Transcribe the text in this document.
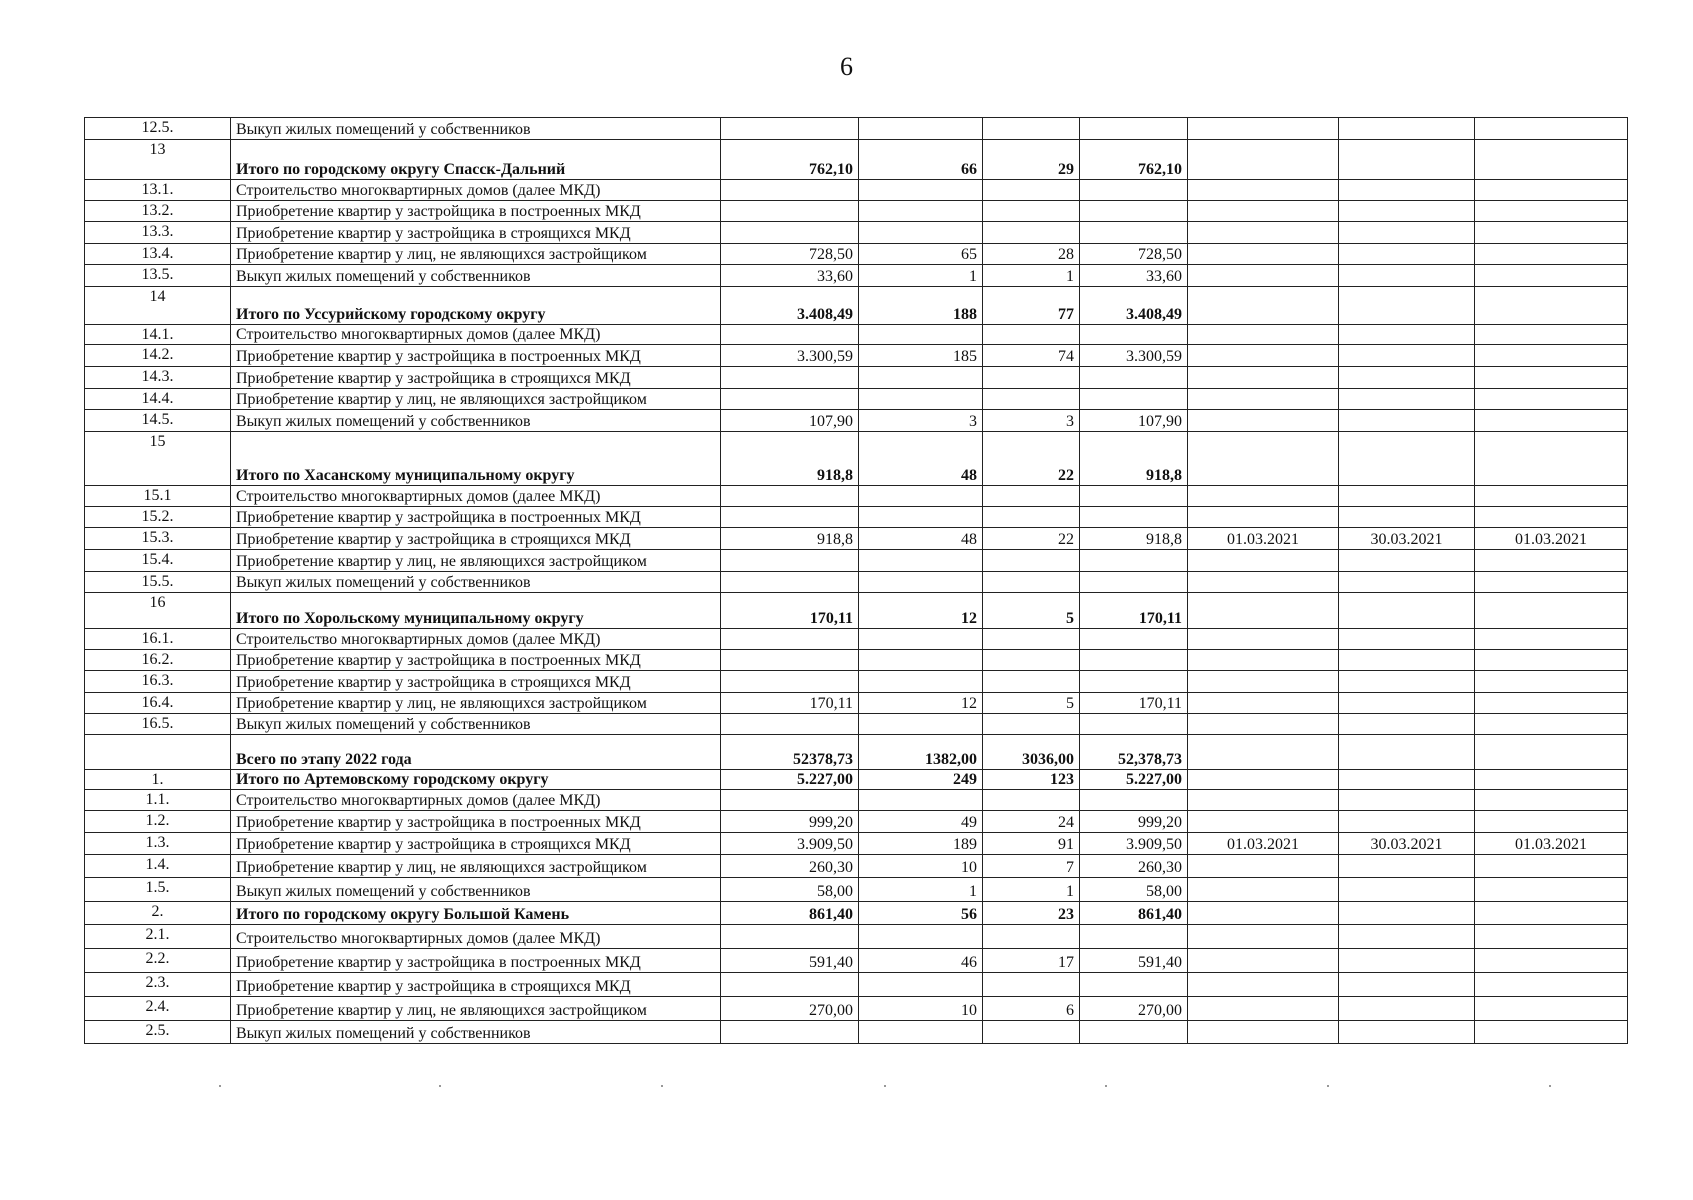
6
12.5.	Выкуп жилых помещений у собственников							
13	Итого по городскому округу Спасск-Дальний	762,10	66	29	762,10			
13.1.	Строительство многоквартирных домов (далее МКД)							
13.2.	Приобретение квартир у застройщика в построенных МКД							
13.3.	Приобретение квартир у застройщика в строящихся МКД							
13.4.	Приобретение квартир у лиц, не являющихся застройщиком	728,50	65	28	728,50			
13.5.	Выкуп жилых помещений у собственников	33,60	1	1	33,60			
14	Итого по Уссурийскому городскому округу	3.408,49	188	77	3.408,49			
14.1.	Строительство многоквартирных домов (далее МКД)							
14.2.	Приобретение квартир у застройщика в построенных МКД	3.300,59	185	74	3.300,59			
14.3.	Приобретение квартир у застройщика в строящихся МКД							
14.4.	Приобретение квартир у лиц, не являющихся застройщиком							
14.5.	Выкуп жилых помещений у собственников	107,90	3	3	107,90			
15	Итого по Хасанскому муниципальному округу	918,8	48	22	918,8			
15.1	Строительство многоквартирных домов (далее МКД)							
15.2.	Приобретение квартир у застройщика в построенных МКД							
15.3.	Приобретение квартир у застройщика в строящихся МКД	918,8	48	22	918,8	01.03.2021	30.03.2021	01.03.2021
15.4.	Приобретение квартир у лиц, не являющихся застройщиком							
15.5.	Выкуп жилых помещений у собственников							
16	Итого по Хорольскому муниципальному округу	170,11	12	5	170,11			
16.1.	Строительство многоквартирных домов (далее МКД)							
16.2.	Приобретение квартир у застройщика в построенных МКД							
16.3.	Приобретение квартир у застройщика в строящихся МКД							
16.4.	Приобретение квартир у лиц, не являющихся застройщиком	170,11	12	5	170,11			
16.5.	Выкуп жилых помещений у собственников							
	Всего по этапу 2022 года	52378,73	1382,00	3036,00	52,378,73			
1.	Итого по Артемовскому городскому округу	5.227,00	249	123	5.227,00			
1.1.	Строительство многоквартирных домов (далее МКД)							
1.2.	Приобретение квартир у застройщика в построенных МКД	999,20	49	24	999,20			
1.3.	Приобретение квартир у застройщика в строящихся МКД	3.909,50	189	91	3.909,50	01.03.2021	30.03.2021	01.03.2021
1.4.	Приобретение квартир у лиц, не являющихся застройщиком	260,30	10	7	260,30			
1.5.	Выкуп жилых помещений у собственников	58,00	1	1	58,00			
2.	Итого по городскому округу Большой Камень	861,40	56	23	861,40			
2.1.	Строительство многоквартирных домов (далее МКД)							
2.2.	Приобретение квартир у застройщика в построенных МКД	591,40	46	17	591,40			
2.3.	Приобретение квартир у застройщика в строящихся МКД							
2.4.	Приобретение квартир у лиц, не являющихся застройщиком	270,00	10	6	270,00			
2.5.	Выкуп жилых помещений у собственников							
